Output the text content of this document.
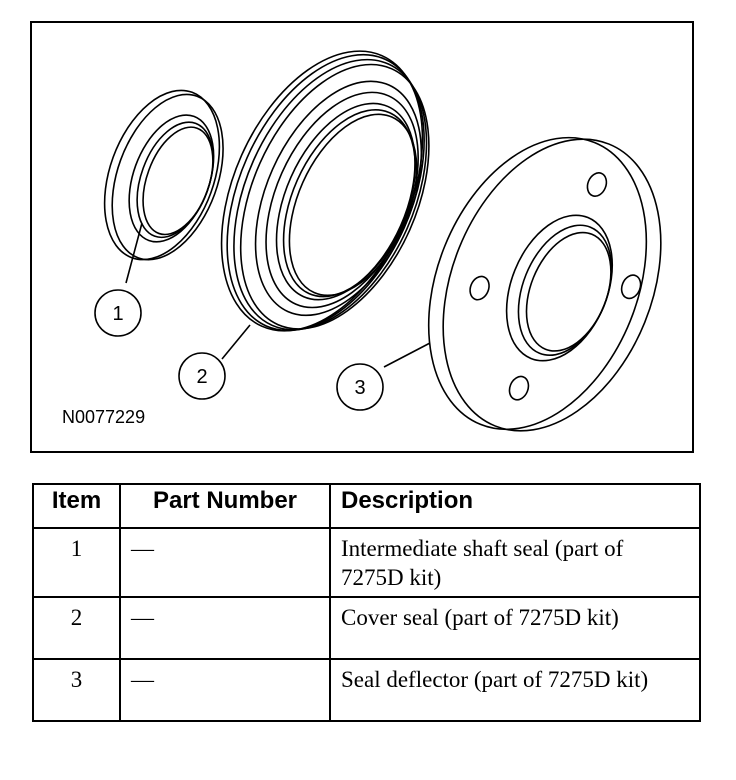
1
2	3
N0077229
Item	Part Number	Description
1	—	Intermediate shaft seal (part of 7275D kit)
2	—	Cover seal (part of 7275D kit)
3	—	Seal deflector (part of 7275D kit)
